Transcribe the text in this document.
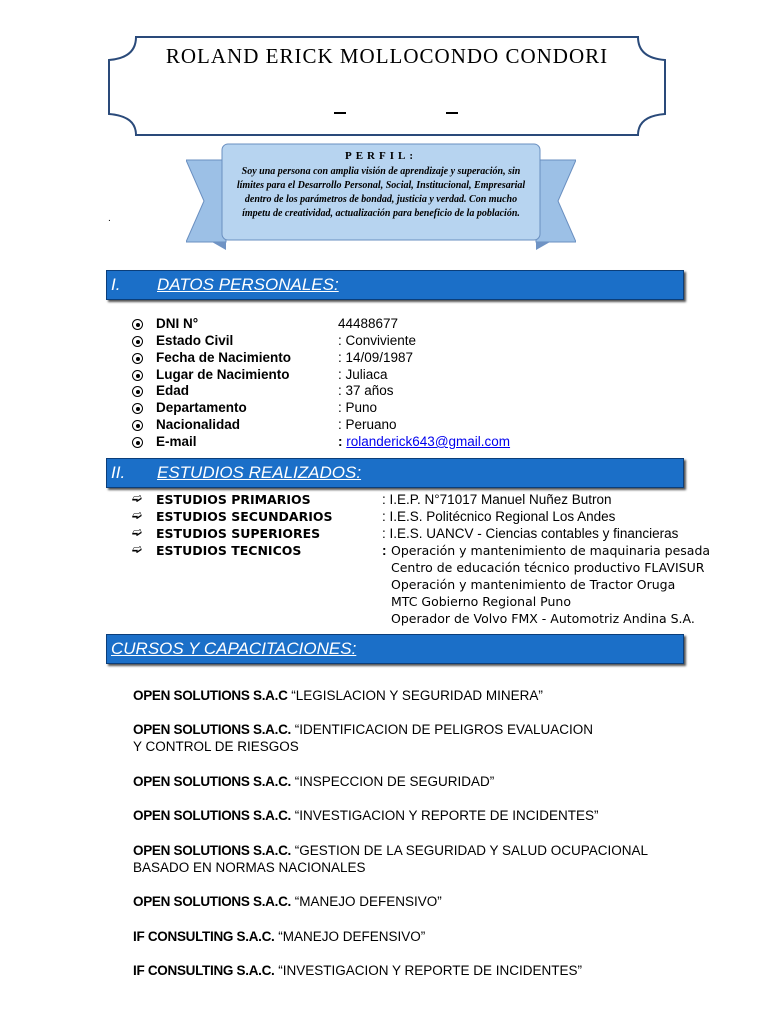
ROLAND ERICK MOLLOCONDO CONDORI
PERFIL:
Soy una persona con amplia visión de aprendizaje y superación, sin límites para el Desarrollo Personal, Social, Institucional, Empresarial dentro de los parámetros de bondad, justicia y verdad. Con mucho ímpetu de creatividad, actualización para beneficio de la población.
.
I. DATOS PERSONALES:
DNI N°	44488677
Estado Civil	: Conviviente
Fecha de Nacimiento	: 14/09/1987
Lugar de Nacimiento	: Juliaca
Edad	: 37 años
Departamento	: Puno
Nacionalidad	: Peruano
E-mail	: rolanderick643@gmail.com
II. ESTUDIOS REALIZADOS:
➫ ESTUDIOS PRIMARIOS	: I.E.P. N°71017 Manuel Nuñez Butron
➫ ESTUDIOS SECUNDARIOS	: I.E.S. Politécnico Regional Los Andes
➫ ESTUDIOS SUPERIORES	: I.E.S. UANCV - Ciencias contables y financieras
➫ ESTUDIOS TECNICOS	: Operación y mantenimiento de maquinaria pesada
Centro de educación técnico productivo FLAVISUR
Operación y mantenimiento de Tractor Oruga
MTC Gobierno Regional Puno
Operador de Volvo FMX - Automotriz Andina S.A.
CURSOS Y CAPACITACIONES:
OPEN SOLUTIONS S.A.C “LEGISLACION Y SEGURIDAD MINERA”
OPEN SOLUTIONS S.A.C. “IDENTIFICACION DE PELIGROS EVALUACION
Y CONTROL DE RIESGOS
OPEN SOLUTIONS S.A.C. “INSPECCION DE SEGURIDAD”
OPEN SOLUTIONS S.A.C. “INVESTIGACION Y REPORTE DE INCIDENTES”
OPEN SOLUTIONS S.A.C. “GESTION DE LA SEGURIDAD Y SALUD OCUPACIONAL
BASADO EN NORMAS NACIONALES
OPEN SOLUTIONS S.A.C. “MANEJO DEFENSIVO”
IF CONSULTING S.A.C. “MANEJO DEFENSIVO”
IF CONSULTING S.A.C. “INVESTIGACION Y REPORTE DE INCIDENTES”
